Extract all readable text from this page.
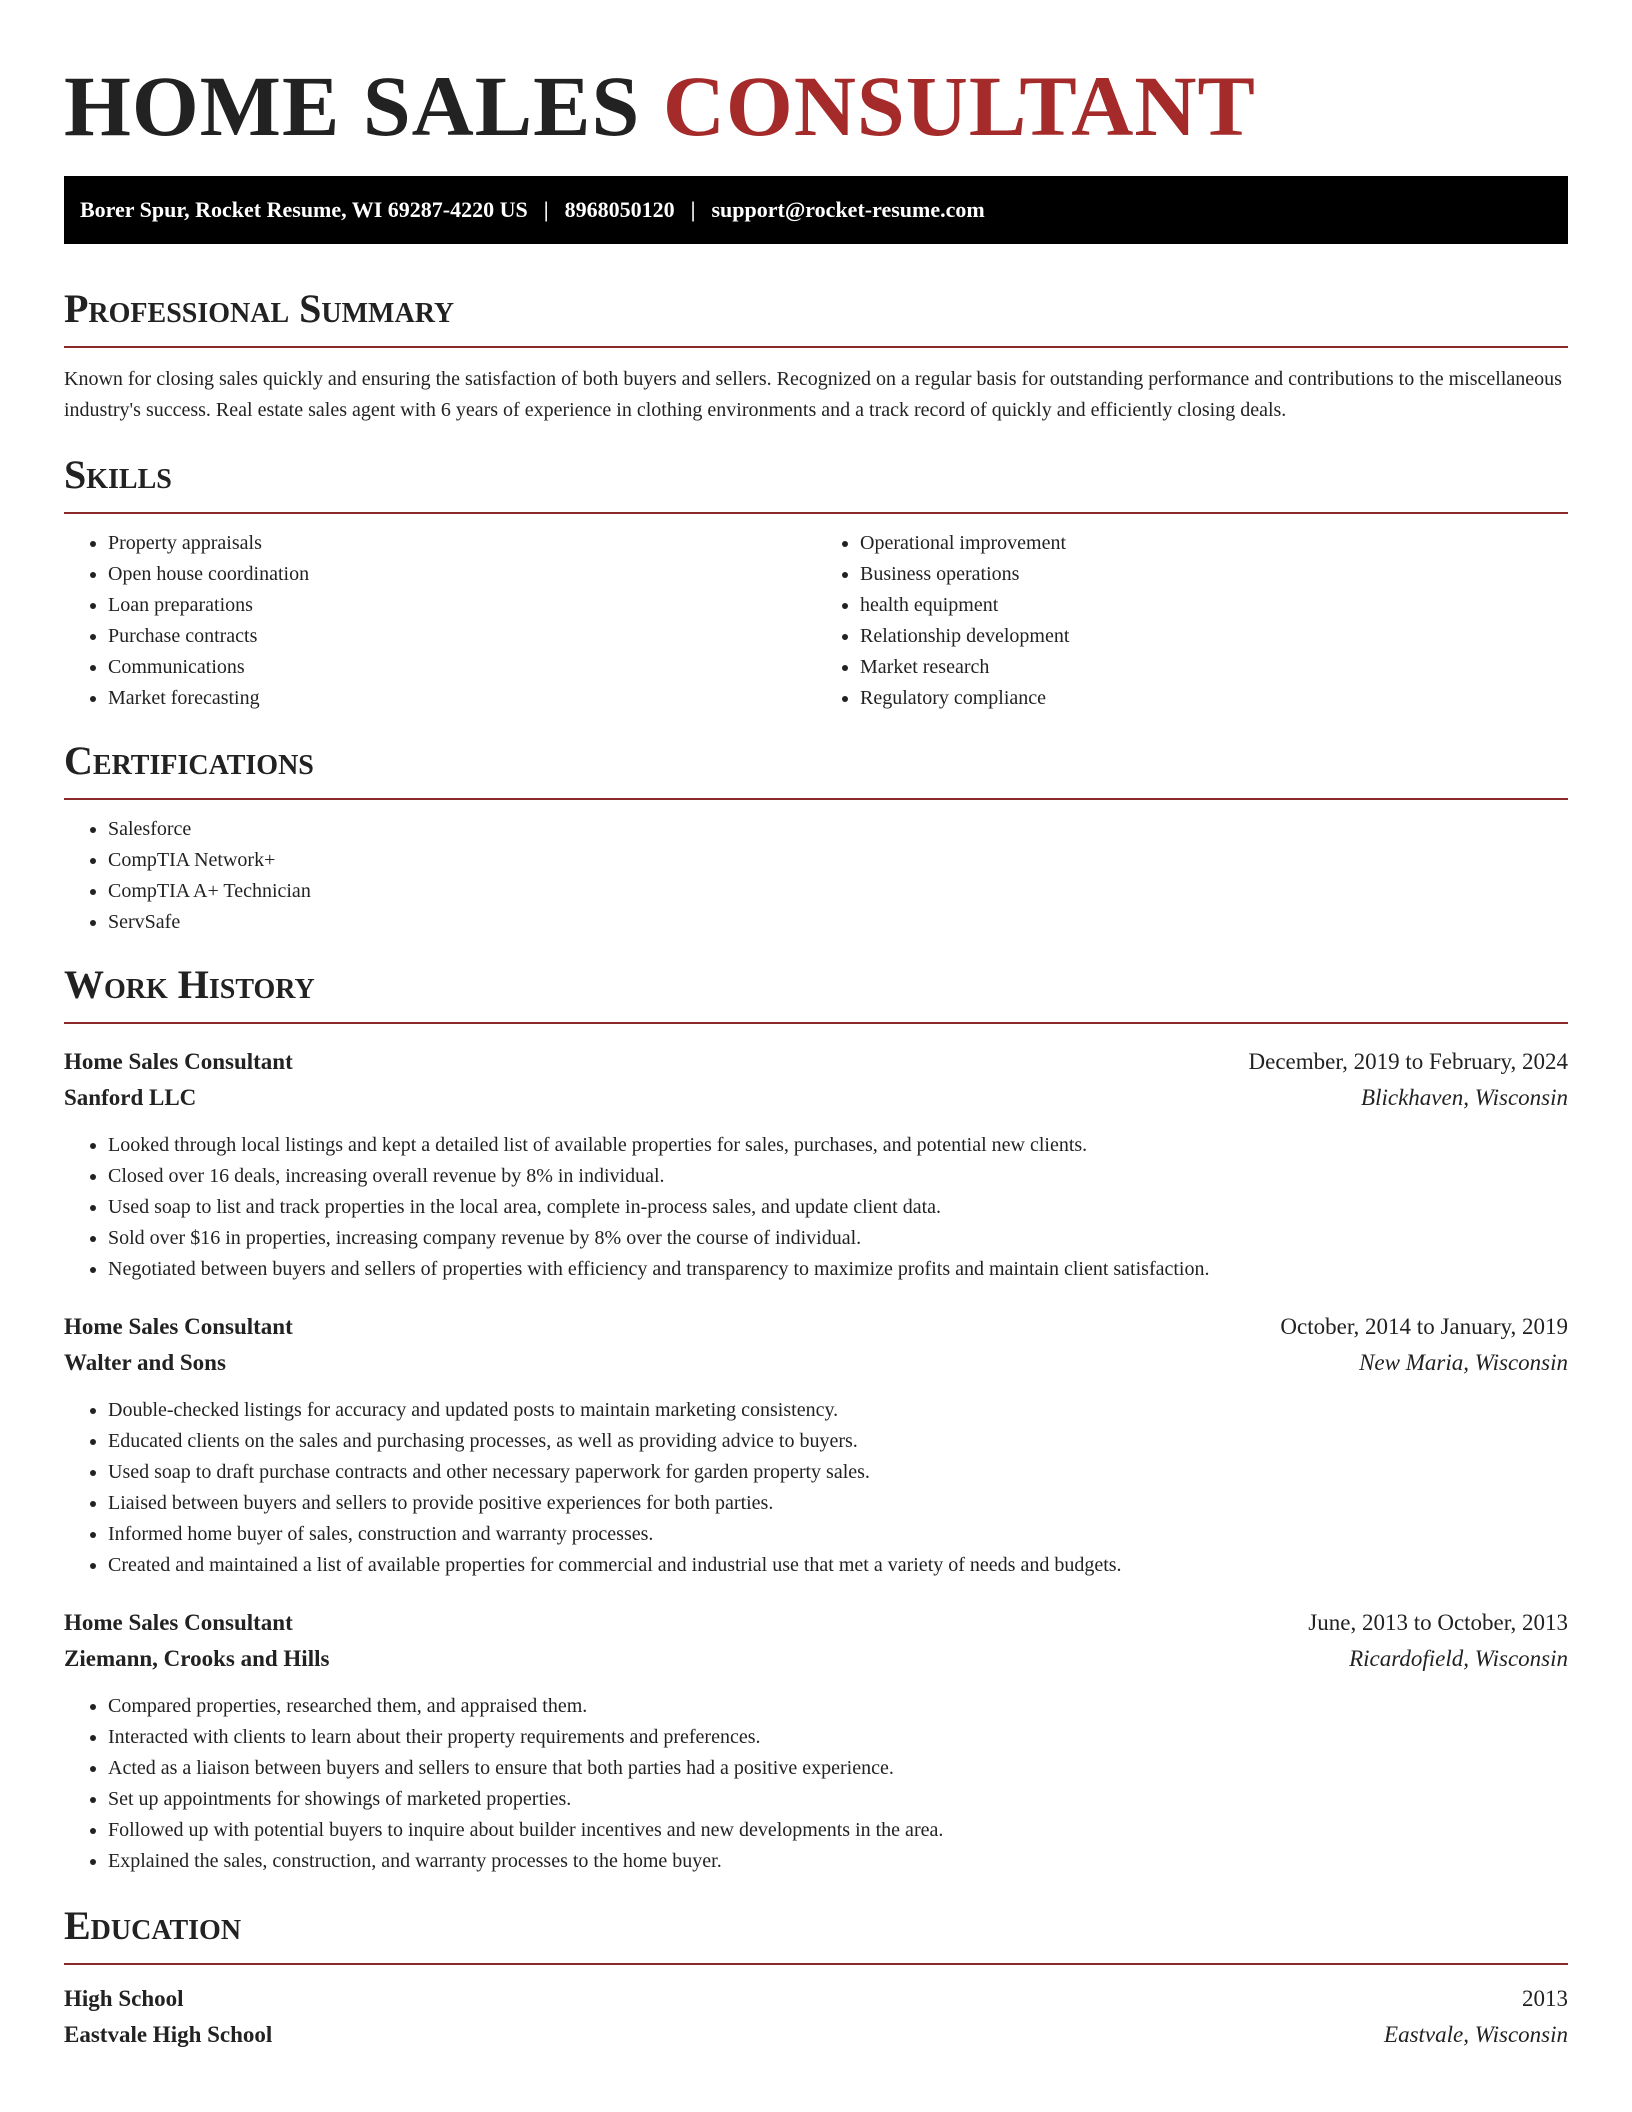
HOME SALES CONSULTANT
Borer Spur, Rocket Resume, WI 69287-4220 US | 8968050120 | support@rocket-resume.com
Professional Summary

Known for closing sales quickly and ensuring the satisfaction of both buyers and sellers. Recognized on a regular basis for outstanding performance and contributions to the miscellaneous industry's success. Real estate sales agent with 6 years of experience in clothing environments and a track record of quickly and efficiently closing deals.

Skills
• Property appraisals
• Open house coordination
• Loan preparations
• Purchase contracts
• Communications
• Market forecasting
• Operational improvement
• Business operations
• health equipment
• Relationship development
• Market research
• Regulatory compliance
Certifications
• Salesforce
• CompTIA Network+
• CompTIA A+ Technician
• ServSafe
Work History
Home Sales Consultant	December, 2019 to February, 2024
Sanford LLC	Blickhaven, Wisconsin
• Looked through local listings and kept a detailed list of available properties for sales, purchases, and potential new clients.
• Closed over 16 deals, increasing overall revenue by 8% in individual.
• Used soap to list and track properties in the local area, complete in-process sales, and update client data.
• Sold over $16 in properties, increasing company revenue by 8% over the course of individual.
• Negotiated between buyers and sellers of properties with efficiency and transparency to maximize profits and maintain client satisfaction.
Home Sales Consultant	October, 2014 to January, 2019
Walter and Sons	New Maria, Wisconsin
• Double-checked listings for accuracy and updated posts to maintain marketing consistency.
• Educated clients on the sales and purchasing processes, as well as providing advice to buyers.
• Used soap to draft purchase contracts and other necessary paperwork for garden property sales.
• Liaised between buyers and sellers to provide positive experiences for both parties.
• Informed home buyer of sales, construction and warranty processes.
• Created and maintained a list of available properties for commercial and industrial use that met a variety of needs and budgets.
Home Sales Consultant	June, 2013 to October, 2013
Ziemann, Crooks and Hills	Ricardofield, Wisconsin
• Compared properties, researched them, and appraised them.
• Interacted with clients to learn about their property requirements and preferences.
• Acted as a liaison between buyers and sellers to ensure that both parties had a positive experience.
• Set up appointments for showings of marketed properties.
• Followed up with potential buyers to inquire about builder incentives and new developments in the area.
• Explained the sales, construction, and warranty processes to the home buyer.
Education
High School	2013
Eastvale High School	Eastvale, Wisconsin
